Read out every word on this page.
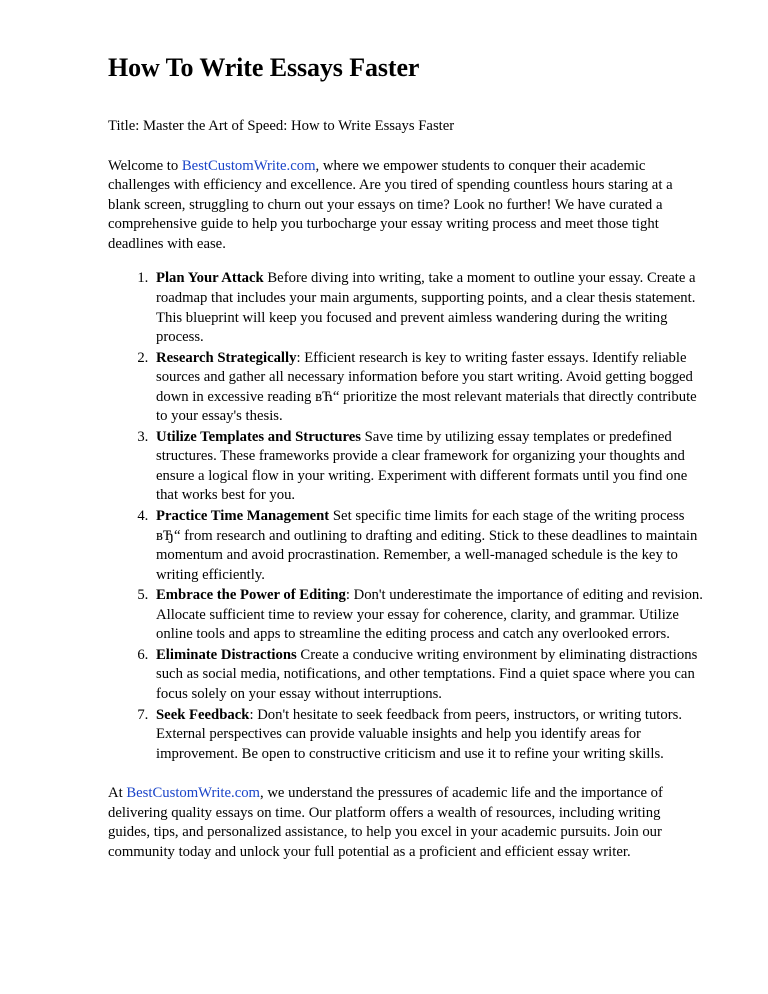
How To Write Essays Faster

Title: Master the Art of Speed: How to Write Essays Faster

Welcome to BestCustomWrite.com, where we empower students to conquer their academic challenges with efficiency and excellence. Are you tired of spending countless hours staring at a blank screen, struggling to churn out your essays on time? Look no further! We have curated a comprehensive guide to help you turbocharge your essay writing process and meet those tight deadlines with ease.

1. Plan Your Attack Before diving into writing, take a moment to outline your essay. Create a roadmap that includes your main arguments, supporting points, and a clear thesis statement. This blueprint will keep you focused and prevent aimless wandering during the writing process.
2. Research Strategically: Efficient research is key to writing faster essays. Identify reliable sources and gather all necessary information before you start writing. Avoid getting bogged down in excessive reading вЋ“ prioritize the most relevant materials that directly contribute to your essay's thesis.
3. Utilize Templates and Structures Save time by utilizing essay templates or predefined structures. These frameworks provide a clear framework for organizing your thoughts and ensure a logical flow in your writing. Experiment with different formats until you find one that works best for you.
4. Practice Time Management Set specific time limits for each stage of the writing process вЂ“ from research and outlining to drafting and editing. Stick to these deadlines to maintain momentum and avoid procrastination. Remember, a well-managed schedule is the key to writing efficiently.
5. Embrace the Power of Editing: Don't underestimate the importance of editing and revision. Allocate sufficient time to review your essay for coherence, clarity, and grammar. Utilize online tools and apps to streamline the editing process and catch any overlooked errors.
6. Eliminate Distractions Create a conducive writing environment by eliminating distractions such as social media, notifications, and other temptations. Find a quiet space where you can focus solely on your essay without interruptions.
7. Seek Feedback: Don't hesitate to seek feedback from peers, instructors, or writing tutors. External perspectives can provide valuable insights and help you identify areas for improvement. Be open to constructive criticism and use it to refine your writing skills.

At BestCustomWrite.com, we understand the pressures of academic life and the importance of delivering quality essays on time. Our platform offers a wealth of resources, including writing guides, tips, and personalized assistance, to help you excel in your academic pursuits. Join our community today and unlock your full potential as a proficient and efficient essay writer.
